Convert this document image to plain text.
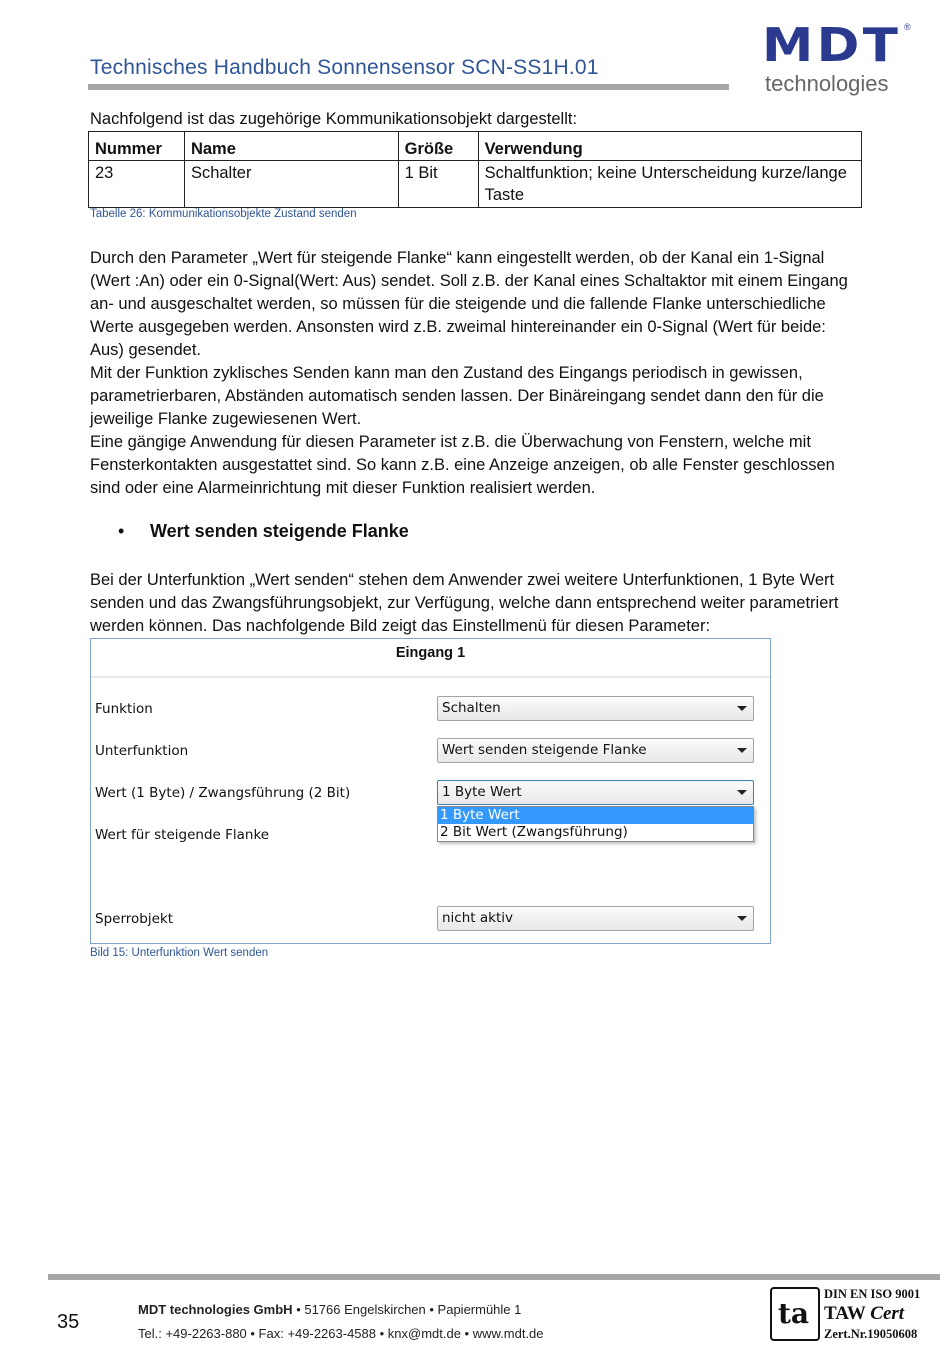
Technisches Handbuch Sonnensensor SCN-SS1H.01	MDT ®
technologies
Nachfolgend ist das zugehörige Kommunikationsobjekt dargestellt:
Nummer	Name	Größe	Verwendung
23	Schalter	1 Bit	Schaltfunktion; keine Unterscheidung kurze/lange Taste
Tabelle 26: Kommunikationsobjekte Zustand senden

Durch den Parameter „Wert für steigende Flanke“ kann eingestellt werden, ob der Kanal ein 1-Signal (Wert :An) oder ein 0-Signal(Wert: Aus) sendet. Soll z.B. der Kanal eines Schaltaktor mit einem Eingang an- und ausgeschaltet werden, so müssen für die steigende und die fallende Flanke unterschiedliche Werte ausgegeben werden. Ansonsten wird z.B. zweimal hintereinander ein 0-Signal (Wert für beide: Aus) gesendet.

Mit der Funktion zyklisches Senden kann man den Zustand des Eingangs periodisch in gewissen, parametrierbaren, Abständen automatisch senden lassen. Der Binäreingang sendet dann den für die jeweilige Flanke zugewiesenen Wert.

Eine gängige Anwendung für diesen Parameter ist z.B. die Überwachung von Fenstern, welche mit Fensterkontakten ausgestattet sind. So kann z.B. eine Anzeige anzeigen, ob alle Fenster geschlossen sind oder eine Alarmeinrichtung mit dieser Funktion realisiert werden.

• Wert senden steigende Flanke
Bei der Unterfunktion „Wert senden“ stehen dem Anwender zwei weitere Unterfunktionen, 1 Byte Wert senden und das Zwangsführungsobjekt, zur Verfügung, welche dann entsprechend weiter parametriert werden können. Das nachfolgende Bild zeigt das Einstellmenü für diesen Parameter:
Eingang 1
Funktion	Schalten
Unterfunktion	Wert senden steigende Flanke
Wert (1 Byte) / Zwangsführung (2 Bit)	1 Byte Wert
Wert für steigende Flanke
1 Byte Wert
2 Bit Wert (Zwangsführung)
Sperrobjekt	nicht aktiv
Bild 15: Unterfunktion Wert senden
35
MDT technologies GmbH • 51766 Engelskirchen • Papiermühle 1
Tel.: +49-2263-880 • Fax: +49-2263-4588 • knx@mdt.de • www.mdt.de
ta
DIN EN ISO 9001
TAW Cert
Zert.Nr.19050608
